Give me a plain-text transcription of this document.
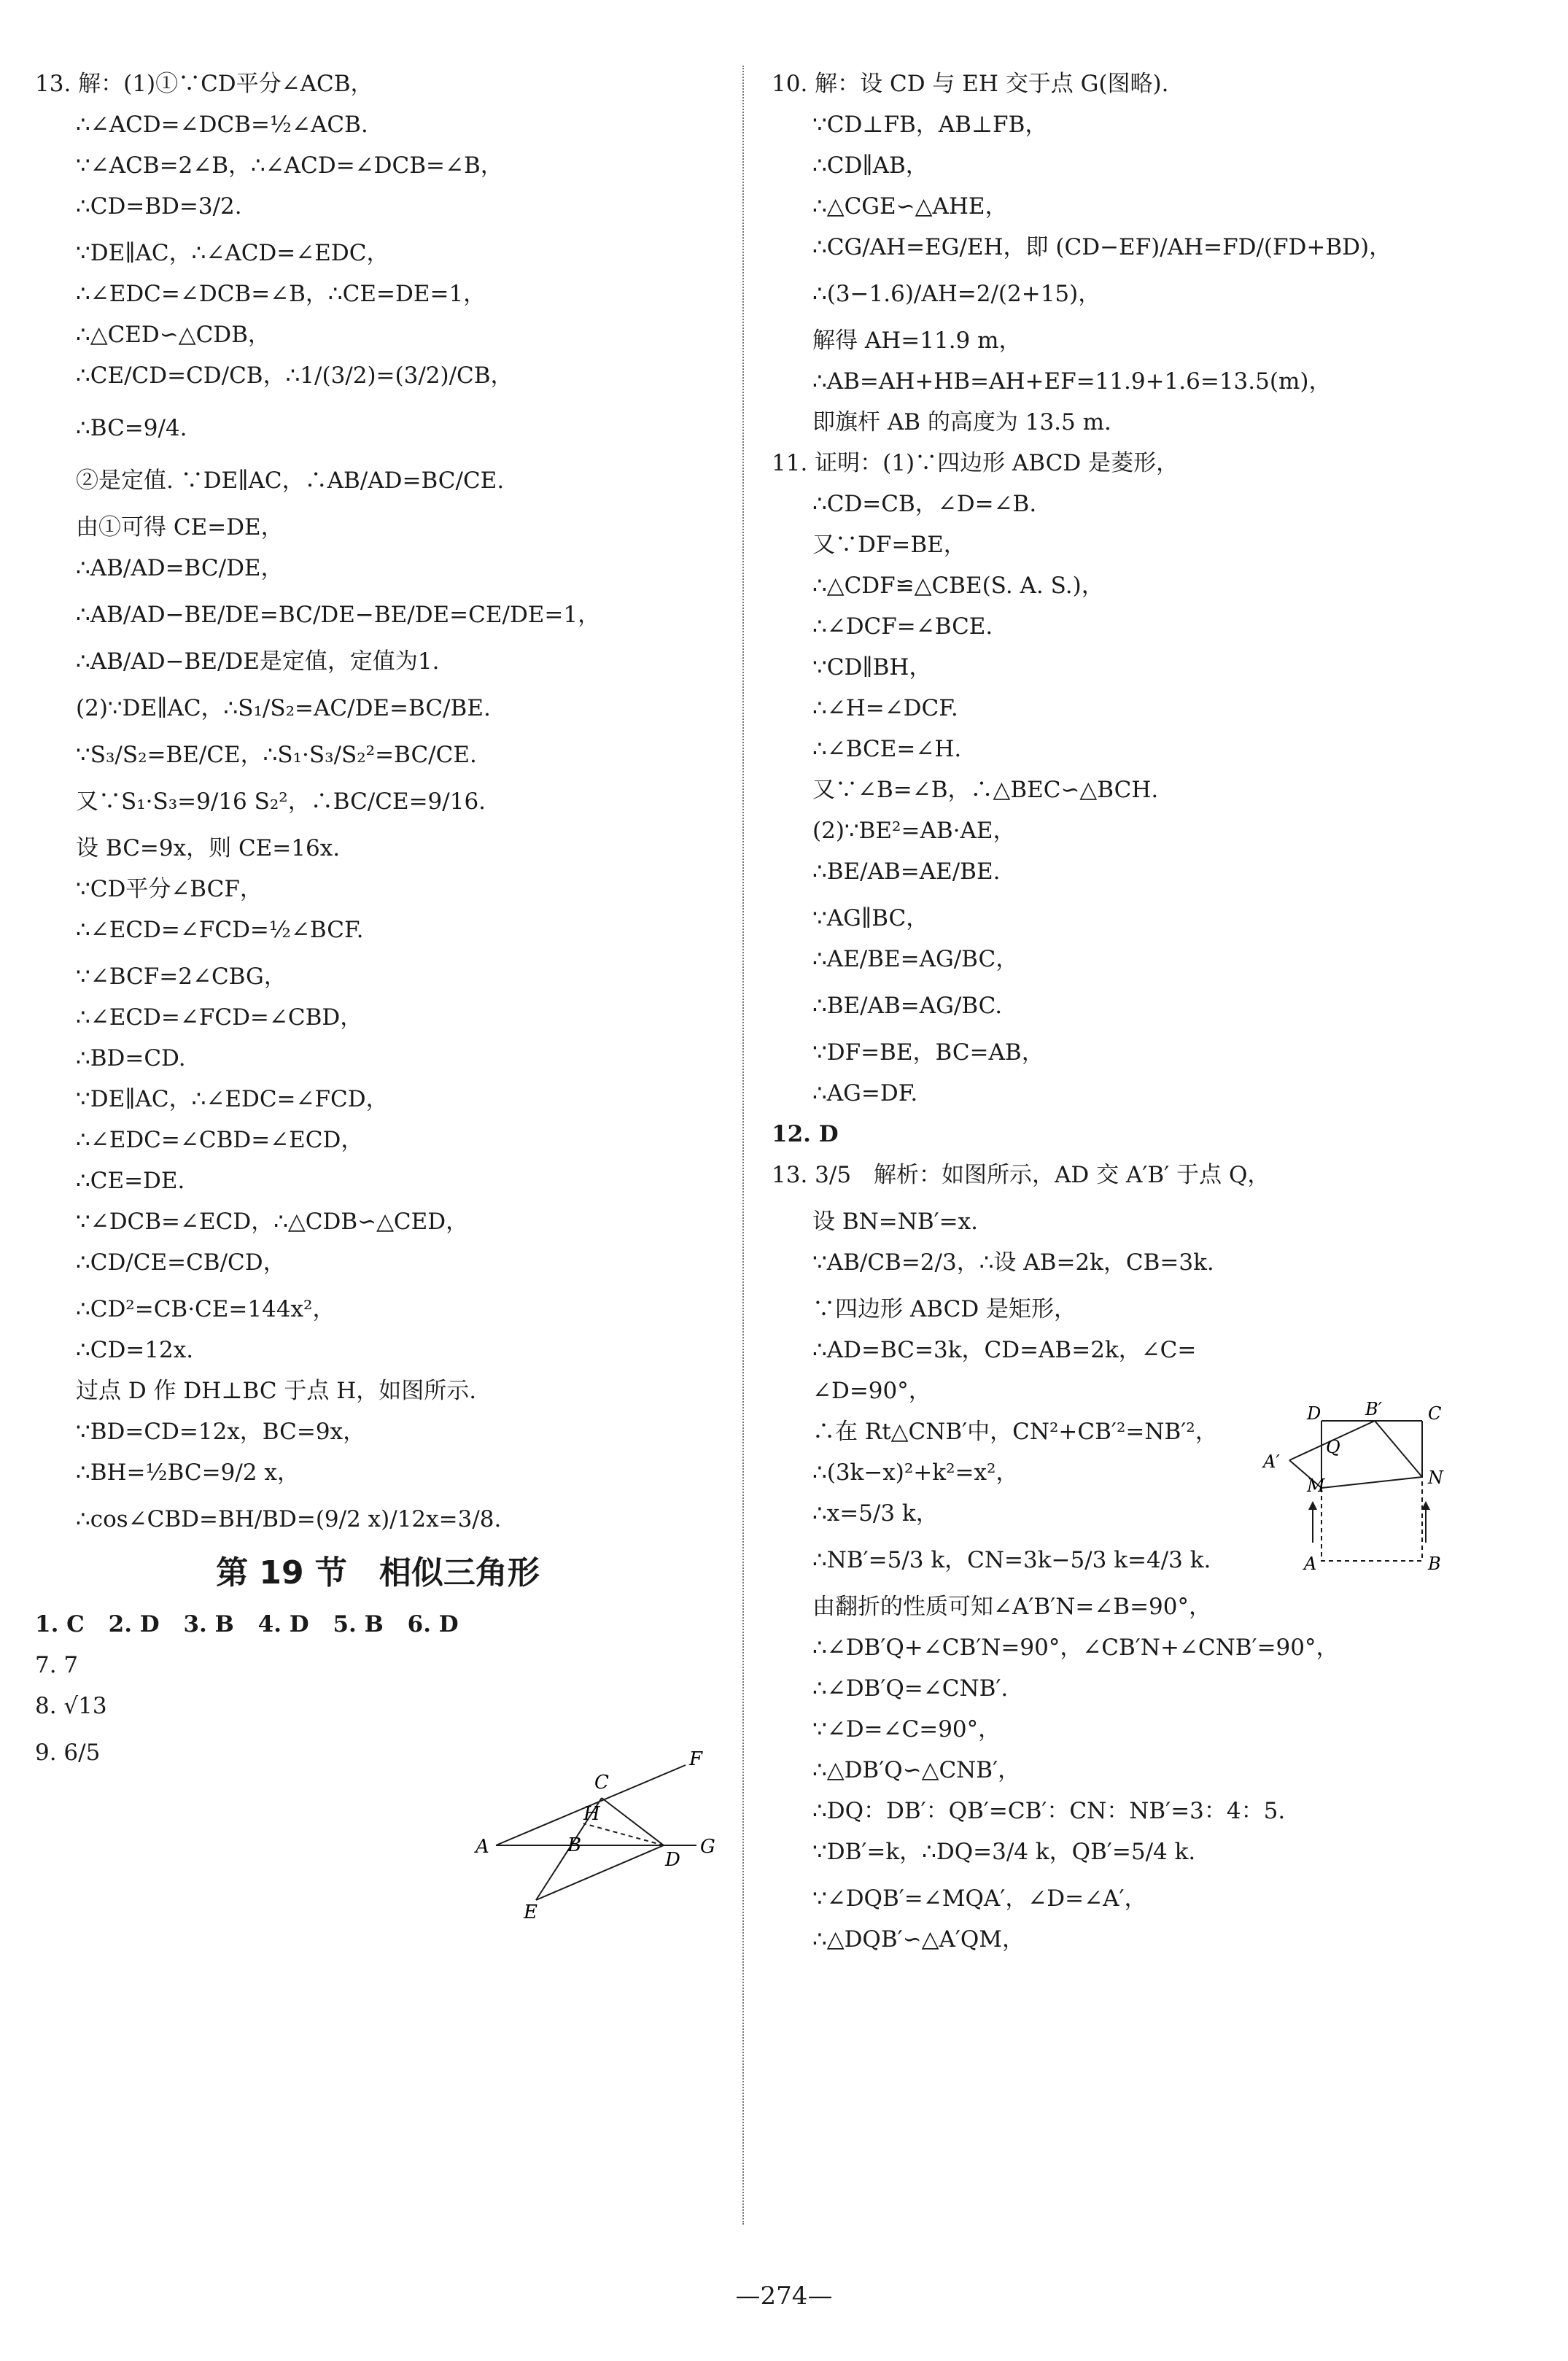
13. 解：(1)①∵CD平分∠ACB，
∴∠ACD=∠DCB=½∠ACB.
∵∠ACB=2∠B，∴∠ACD=∠DCB=∠B，
∴CD=BD=3/2.
∵DE∥AC，∴∠ACD=∠EDC，
∴∠EDC=∠DCB=∠B，∴CE=DE=1，
∴△CED∽△CDB，
∴CE/CD=CD/CB，∴1/(3/2)=(3/2)/CB，
∴BC=9/4.
②是定值. ∵DE∥AC，∴AB/AD=BC/CE.
由①可得 CE=DE，
∴AB/AD=BC/DE，
∴AB/AD−BE/DE=BC/DE−BE/DE=CE/DE=1，
∴AB/AD−BE/DE是定值，定值为1.
(2)∵DE∥AC，∴S₁/S₂=AC/DE=BC/BE.
∵S₃/S₂=BE/CE，∴S₁·S₃/S₂²=BC/CE.
又∵S₁·S₃=9/16 S₂²，∴BC/CE=9/16.
设 BC=9x，则 CE=16x.
∵CD平分∠BCF，
∴∠ECD=∠FCD=½∠BCF.
∵∠BCF=2∠CBG，
∴∠ECD=∠FCD=∠CBD，
∴BD=CD.
∵DE∥AC，∴∠EDC=∠FCD，
∴∠EDC=∠CBD=∠ECD，
∴CE=DE.
∵∠DCB=∠ECD，∴△CDB∽△CED，
∴CD/CE=CB/CD，
∴CD²=CB·CE=144x²，
∴CD=12x.
过点 D 作 DH⊥BC 于点 H，如图所示.
∵BD=CD=12x，BC=9x，
∴BH=½BC=9/2 x，
∴cos∠CBD=BH/BD=(9/2 x)/12x=3/8.
第 19 节　相似三角形
1. C 2. D 3. B 4. D 5. B 6. D
7. 7
8. √13
9. 6/5
10. 解：设 CD 与 EH 交于点 G(图略).
∵CD⊥FB，AB⊥FB，
∴CD∥AB，
∴△CGE∽△AHE，
∴CG/AH=EG/EH，即 (CD−EF)/AH=FD/(FD+BD)，
∴(3−1.6)/AH=2/(2+15)，
解得 AH=11.9 m，
∴AB=AH+HB=AH+EF=11.9+1.6=13.5(m)，
即旗杆 AB 的高度为 13.5 m.
11. 证明：(1)∵四边形 ABCD 是菱形，
∴CD=CB，∠D=∠B.
又∵DF=BE，
∴△CDF≌△CBE(S. A. S.)，
∴∠DCF=∠BCE.
∵CD∥BH，
∴∠H=∠DCF.
∴∠BCE=∠H.
又∵∠B=∠B，∴△BEC∽△BCH.
(2)∵BE²=AB·AE，
∴BE/AB=AE/BE.
∵AG∥BC，
∴AE/BE=AG/BC，
∴BE/AB=AG/BC.
∵DF=BE，BC=AB，
∴AG=DF.
12. D
13. 3/5　解析：如图所示，AD 交 A′B′ 于点 Q，
设 BN=NB′=x.
∵AB/CB=2/3，∴设 AB=2k，CB=3k.
∵四边形 ABCD 是矩形，
∴AD=BC=3k，CD=AB=2k，∠C=
∠D=90°，
∴在 Rt△CNB′中，CN²+CB′²=NB′²，
∴(3k−x)²+k²=x²，
∴x=5/3 k，
∴NB′=5/3 k，CN=3k−5/3 k=4/3 k.
由翻折的性质可知∠A′B′N=∠B=90°，
∴∠DB′Q+∠CB′N=90°，∠CB′N+∠CNB′=90°，
∴∠DB′Q=∠CNB′.
∵∠D=∠C=90°，
∴△DB′Q∽△CNB′，
∴DQ：DB′：QB′=CB′：CN：NB′=3：4：5.
∵DB′=k，∴DQ=3/4 k，QB′=5/4 k.
∵∠DQB′=∠MQA′，∠D=∠A′，
∴△DQB′∽△A′QM，
A
C
F
H
B	G
D
E
D	B′	C
Q
A′
N
M
A	B
—274—
